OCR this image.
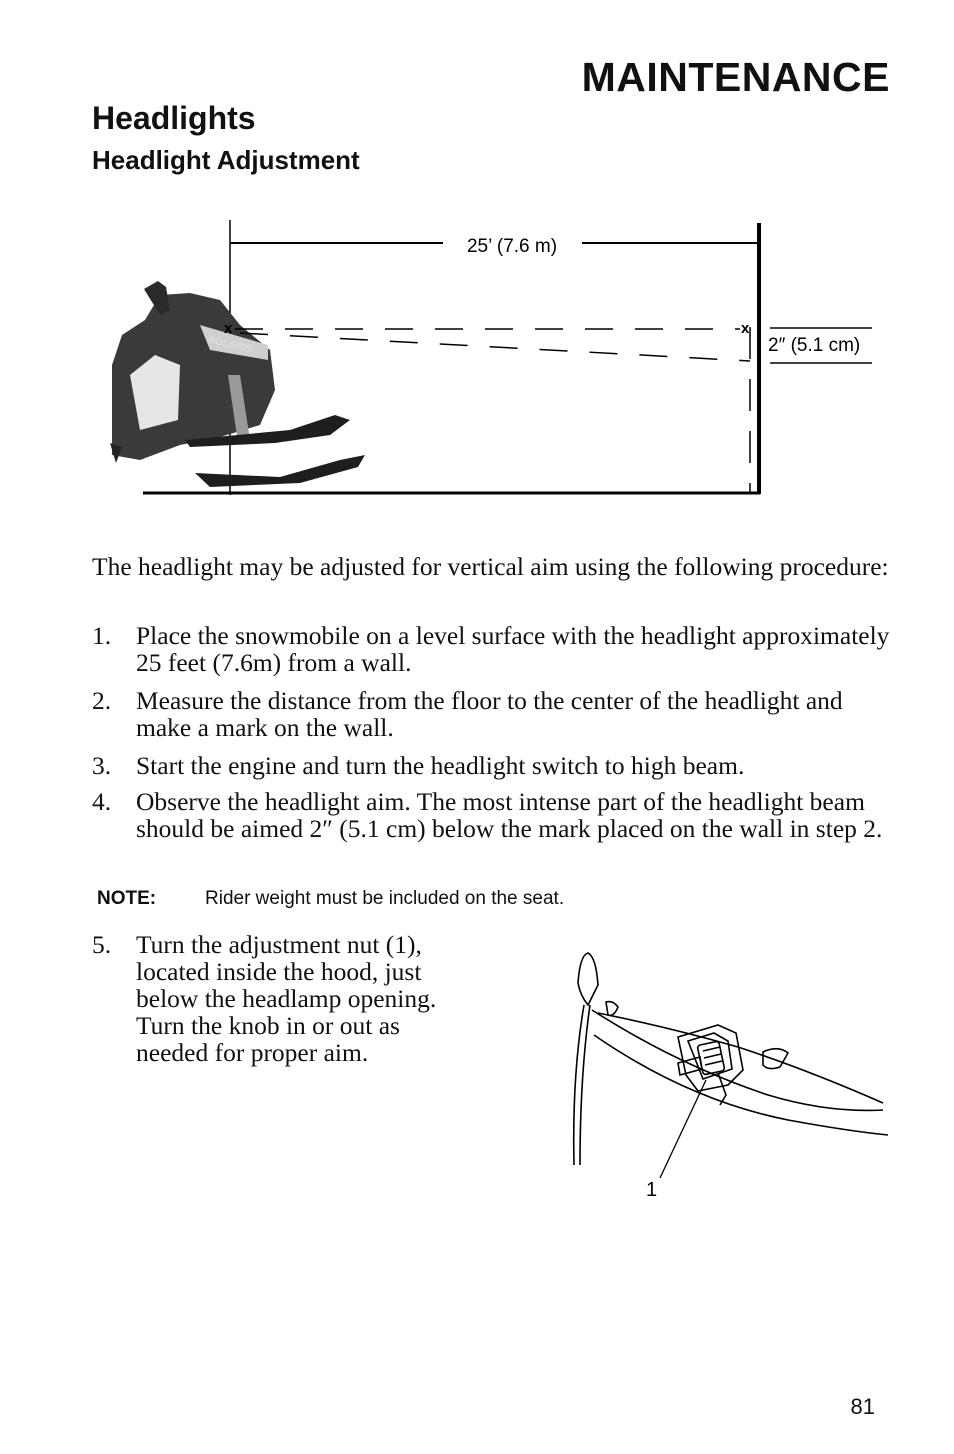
MAINTENANCE
Headlights
Headlight Adjustment
25’ (7.6 m)
POLARIS
x	x
2″ (5.1 cm)
The headlight may be adjusted for vertical aim using the following procedure:
1. Place the snowmobile on a level surface with the headlight approximately 25 feet (7.6m) from a wall.
2. Measure the distance from the floor to the center of the headlight and make a mark on the wall.
3. Start the engine and turn the headlight switch to high beam.
4. Observe the headlight aim. The most intense part of the headlight beam should be aimed 2″ (5.1 cm) below the mark placed on the wall in step 2.
NOTE:	Rider weight must be included on the seat.
5. Turn the adjustment nut (1), located inside the hood, just below the headlamp opening. Turn the knob in or out as needed for proper aim.
1
81
